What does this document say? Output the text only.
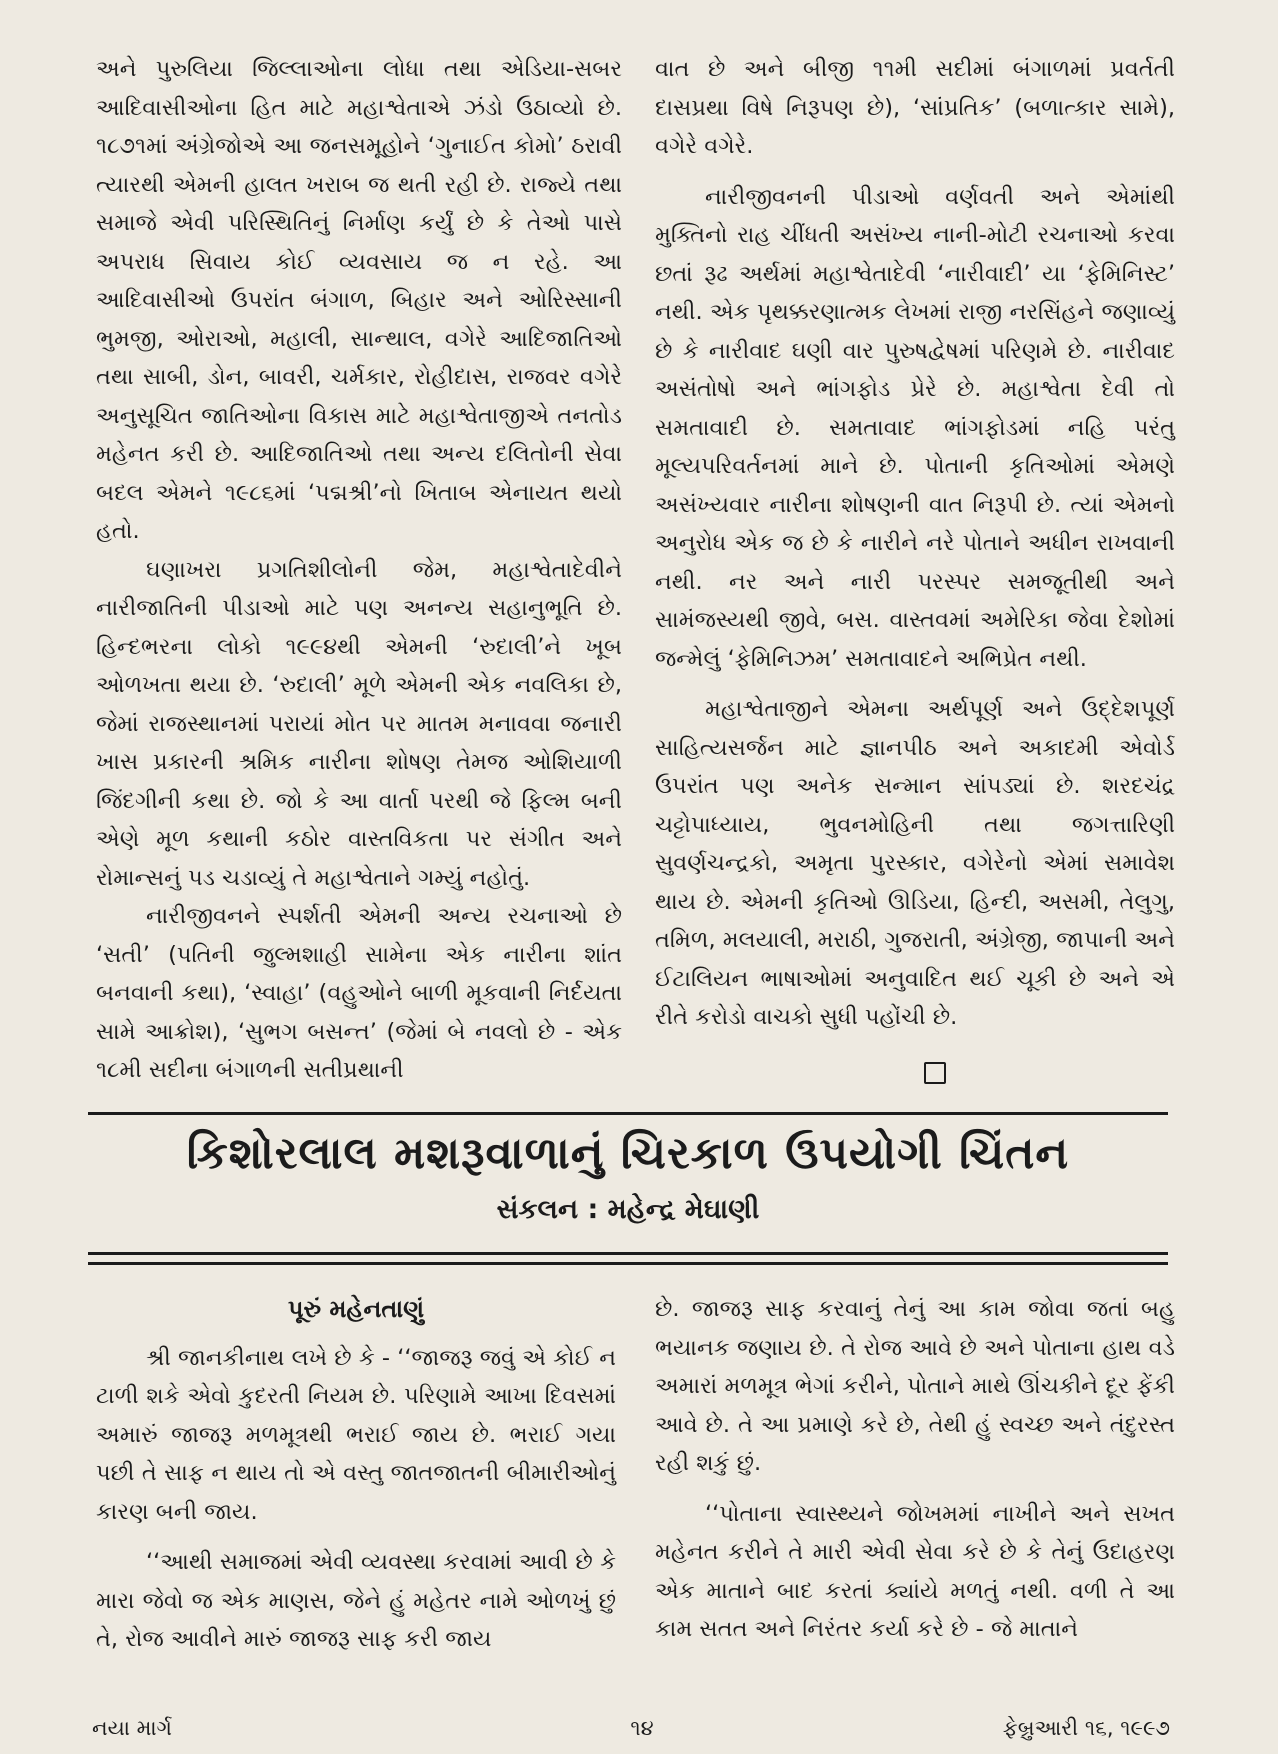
અને પુરુલિયા જિલ્લાઓના લોધા તથા એડિયા-સબર આદિવાસીઓના હિત માટે મહાશ્વેતાએ ઝંડો ઉઠાવ્યો છે. ૧૮૭૧માં અંગ્રેજોએ આ જનસમૂહોને ‘ગુનાઈત કોમો’ ઠરાવી ત્યારથી એમની હાલત ખરાબ જ થતી રહી છે. રાજ્યે તથા સમાજે એવી પરિસ્થિતિનું નિર્માણ કર્યું છે કે તેઓ પાસે અપરાધ સિવાય કોઈ વ્યવસાય જ ન રહે. આ આદિવાસીઓ ઉપરાંત બંગાળ, બિહાર અને ઓરિસ્સાની ભુમજી, ઓરાઓ, મહાલી, સાન્થાલ, વગેરે આદિજાતિઓ તથા સાબી, ડોન, બાવરી, ચર્મકાર, રોહીદાસ, રાજવર વગેરે અનુસૂચિત જાતિઓના વિકાસ માટે મહાશ્વેતાજીએ તનતોડ મહેનત કરી છે. આદિજાતિઓ તથા અન્ય દલિતોની સેવા બદલ એમને ૧૯૮૬માં ‘પદ્મશ્રી’નો ખિતાબ એનાયત થયો હતો.

ઘણાખરા પ્રગતિશીલોની જેમ, મહાશ્વેતાદેવીને નારીજાતિની પીડાઓ માટે પણ અનન્ય સહાનુભૂતિ છે. હિન્દભરના લોકો ૧૯૯૪થી એમની ‘રુદાલી’ને ખૂબ ઓળખતા થયા છે. ‘રુદાલી’ મૂળે એમની એક નવલિકા છે, જેમાં રાજસ્થાનમાં પરાયાં મોત પર માતમ મનાવવા જનારી ખાસ પ્રકારની શ્રમિક નારીના શોષણ તેમજ ઓશિયાળી જિંદગીની કથા છે. જો કે આ વાર્તા પરથી જે ફિલ્મ બની એણે મૂળ કથાની કઠોર વાસ્તવિકતા પર સંગીત અને રોમાન્સનું પડ ચડાવ્યું તે મહાશ્વેતાને ગમ્યું નહોતું.

નારીજીવનને સ્પર્શતી એમની અન્ય રચનાઓ છે ‘સતી’ (પતિની જુલ્મશાહી સામેના એક નારીના શાંત બનવાની કથા), ‘સ્વાહા’ (વહુઓને બાળી મૂકવાની નિર્દયતા સામે આક્રોશ), ‘સુભગ બસન્ત’ (જેમાં બે નવલો છે - એક ૧૮મી સદીના બંગાળની સતીપ્રથાની

વાત છે અને બીજી ૧૧મી સદીમાં બંગાળમાં પ્રવર્તતી દાસપ્રથા વિષે નિરૂપણ છે), ‘સાંપ્રતિક’ (બળાત્કાર સામે), વગેરે વગેરે.

નારીજીવનની પીડાઓ વર્ણવતી અને એમાંથી મુક્તિનો રાહ ચીંધતી અસંખ્ય નાની-મોટી રચનાઓ કરવા છતાં રૂઢ અર્થમાં મહાશ્વેતાદેવી ‘નારીવાદી’ યા ‘ફેમિનિસ્ટ’ નથી. એક પૃથક્કરણાત્મક લેખમાં રાજી નરસિંહને જણાવ્યું છે કે નારીવાદ ઘણી વાર પુરુષદ્વેષમાં પરિણમે છે. નારીવાદ અસંતોષો અને ભાંગફોડ પ્રેરે છે. મહાશ્વેતા દેવી તો સમતાવાદી છે. સમતાવાદ ભાંગફોડમાં નહિ પરંતુ મૂલ્યપરિવર્તનમાં માને છે. પોતાની કૃતિઓમાં એમણે અસંખ્યવાર નારીના શોષણની વાત નિરૂપી છે. ત્યાં એમનો અનુરોધ એક જ છે કે નારીને નરે પોતાને અધીન રાખવાની નથી. નર અને નારી પરસ્પર સમજૂતીથી અને સામંજસ્યથી જીવે, બસ. વાસ્તવમાં અમેરિકા જેવા દેશોમાં જન્મેલું ‘ફેમિનિઝમ’ સમતાવાદને અભિપ્રેત નથી.

મહાશ્વેતાજીને એમના અર્થપૂર્ણ અને ઉદ્દેશપૂર્ણ સાહિત્યસર્જન માટે જ્ઞાનપીઠ અને અકાદમી એવોર્ડ ઉપરાંત પણ અનેક સન્માન સાંપડ્યાં છે. શરદચંદ્ર ચટ્ટોપાધ્યાય, ભુવનમોહિની તથા જગત્તારિણી સુવર્ણચન્દ્રકો, અમૃતા પુરસ્કાર, વગેરેનો એમાં સમાવેશ થાય છે. એમની કૃતિઓ ઊડિયા, હિન્દી, અસમી, તેલુગુ, તમિળ, મલયાલી, મરાઠી, ગુજરાતી, અંગ્રેજી, જાપાની અને ઈટાલિયન ભાષાઓમાં અનુવાદિત થઈ ચૂકી છે અને એ રીતે કરોડો વાચકો સુધી પહોંચી છે.

કિશોરલાલ મશરૂવાળાનું ચિરકાળ ઉપયોગી ચિંતન
સંકલન : મહેન્દ્ર મેઘાણી

પૂરું મહેનતાણું

શ્રી જાનકીનાથ લખે છે કે - ‘‘જાજરૂ જવું એ કોઈ ન ટાળી શકે એવો કુદરતી નિયમ છે. પરિણામે આખા દિવસમાં અમારું જાજરૂ મળમૂત્રથી ભરાઈ જાય છે. ભરાઈ ગયા પછી તે સાફ ન થાય તો એ વસ્તુ જાતજાતની બીમારીઓનું કારણ બની જાય.

‘‘આથી સમાજમાં એવી વ્યવસ્થા કરવામાં આવી છે કે મારા જેવો જ એક માણસ, જેને હું મહેતર નામે ઓળખું છું તે, રોજ આવીને મારું જાજરૂ સાફ કરી જાય

છે. જાજરૂ સાફ કરવાનું તેનું આ કામ જોવા જતાં બહુ ભયાનક જણાય છે. તે રોજ આવે છે અને પોતાના હાથ વડે અમારાં મળમૂત્ર ભેગાં કરીને, પોતાને માથે ઊંચકીને દૂર ફેંકી આવે છે. તે આ પ્રમાણે કરે છે, તેથી હું સ્વચ્છ અને તંદુરસ્ત રહી શકું છું.

‘‘પોતાના સ્વાસ્થ્યને જોખમમાં નાખીને અને સખત મહેનત કરીને તે મારી એવી સેવા કરે છે કે તેનું ઉદાહરણ એક માતાને બાદ કરતાં ક્યાંયે મળતું નથી. વળી તે આ કામ સતત અને નિરંતર કર્યા કરે છે - જે માતાને

નયા માર્ગ	૧૪	ફેબ્રુઆરી ૧૬, ૧૯૯૭
